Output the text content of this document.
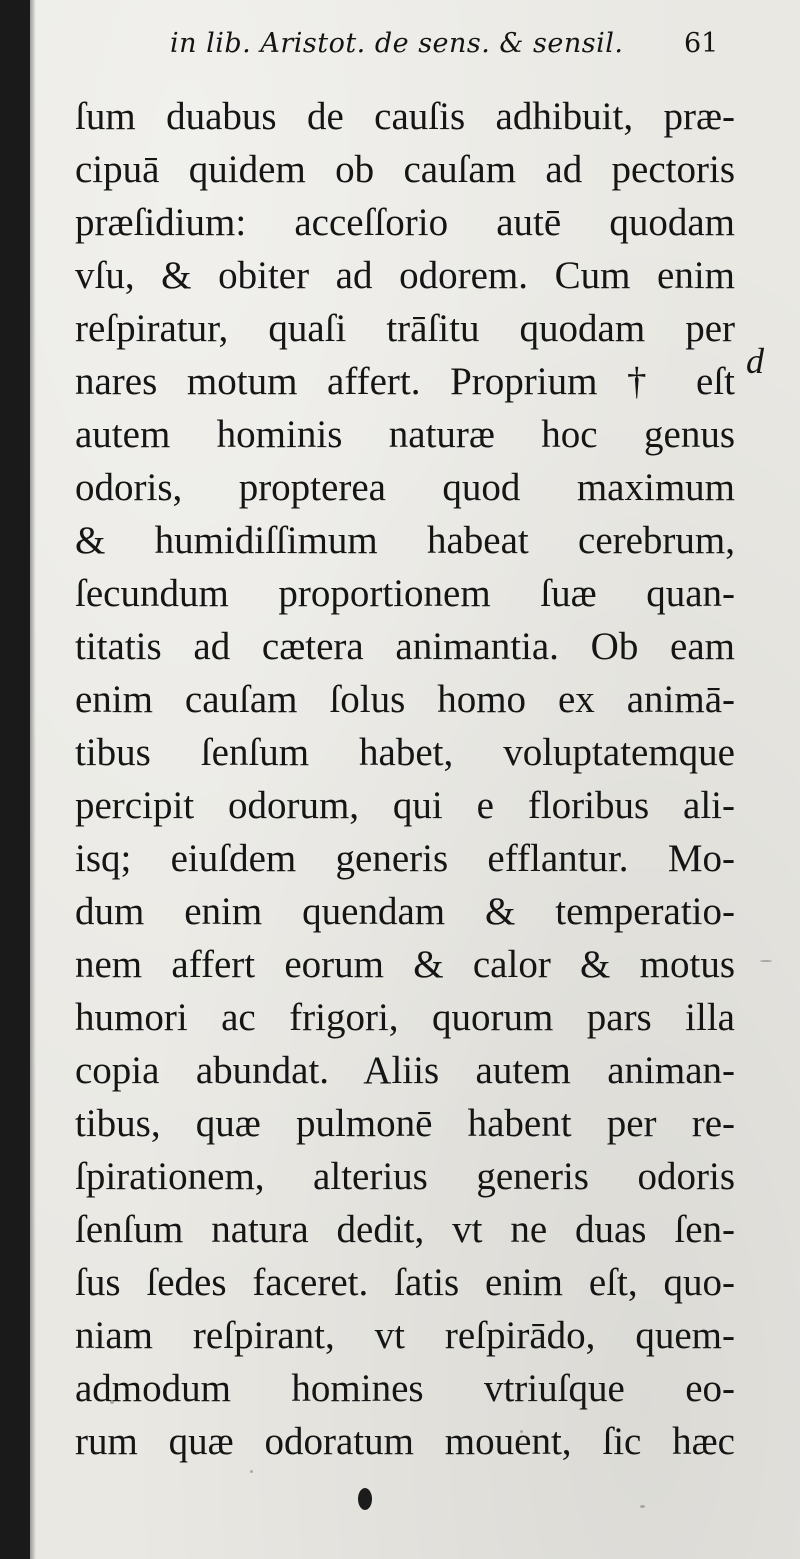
in lib. Aristot. de sens. & sensil. 61
d
ſum duabus de cauſis adhibuit, præ-
cipuā quidem ob cauſam ad pectoris
præſidium: acceſſorio autē quodam
vſu, & obiter ad odorem. Cum enim
reſpiratur, quaſi trāſitu quodam per
nares motum affert. Proprium † eſt
autem hominis naturæ hoc genus
odoris, propterea quod maximum
& humidiſſimum habeat cerebrum,
ſecundum proportionem ſuæ quan-
titatis ad cætera animantia. Ob eam
enim cauſam ſolus homo ex animā-
tibus ſenſum habet, voluptatemque
percipit odorum, qui e floribus ali-
isq; eiuſdem generis efflantur. Mo-
dum enim quendam & temperatio-
nem affert eorum & calor & motus
humori ac frigori, quorum pars illa
copia abundat. Aliis autem animan-
tibus, quæ pulmonē habent per re-
ſpirationem, alterius generis odoris
ſenſum natura dedit, vt ne duas ſen-
ſus ſedes faceret. ſatis enim eſt, quo-
niam reſpirant, vt reſpirādo, quem-
admodum homines vtriuſque eo-
rum quæ odoratum mouent, ſic hæc
